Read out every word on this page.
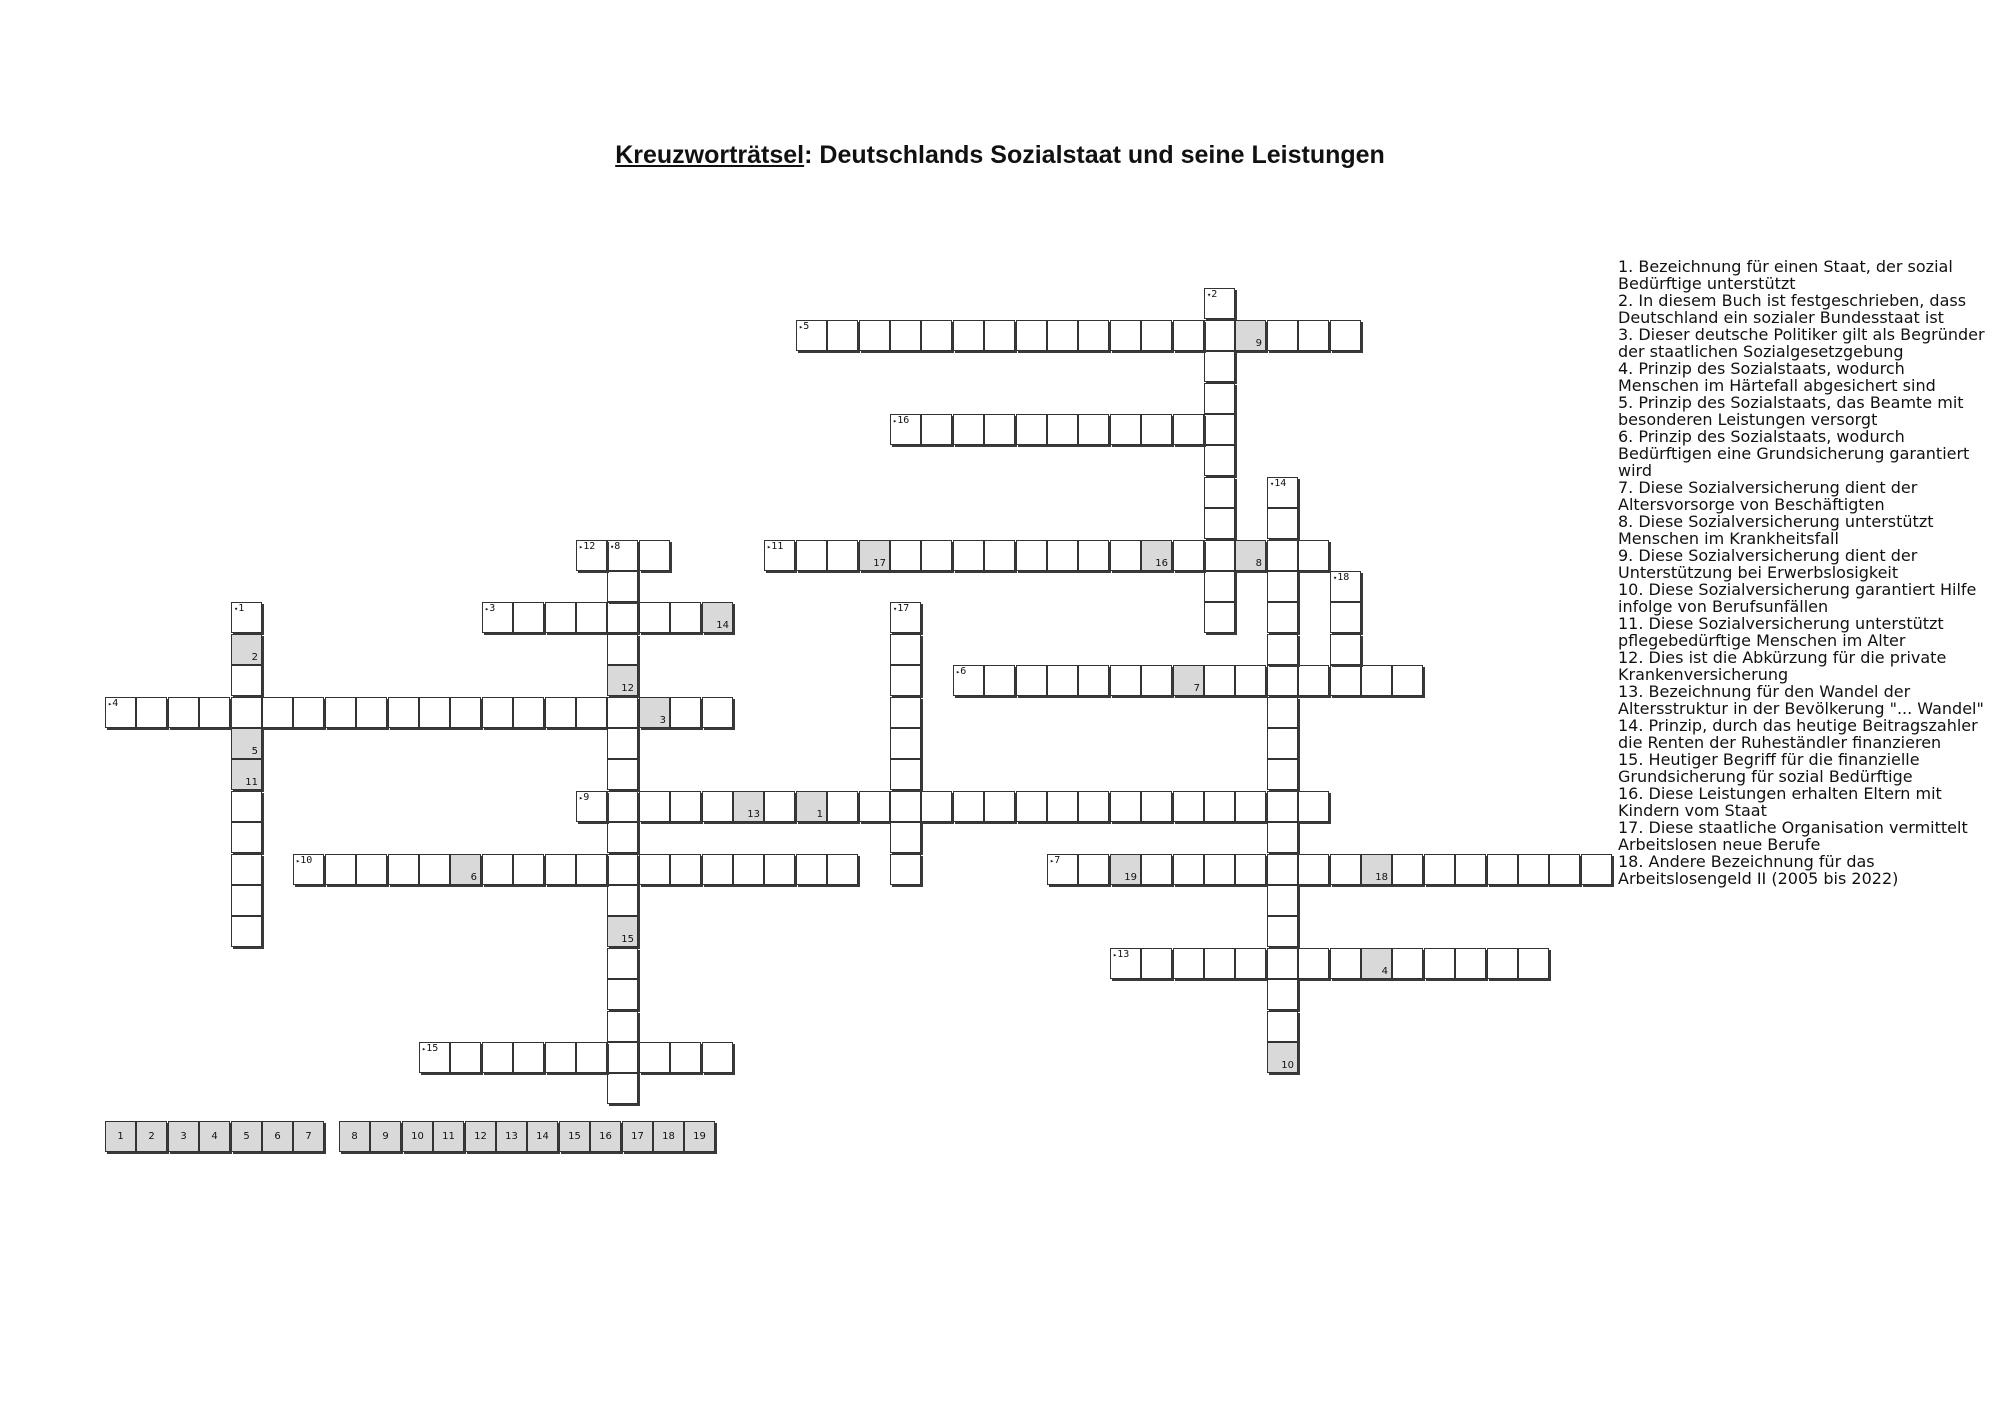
Kreuzworträtsel: Deutschlands Sozialstaat und seine Leistungen
▾1
2
5
11
▾2
▸3
14
▸4
3
▸5
9
▸6
7
▸7
19	18
▾8
12
15
▸9
13	1
▸10
6
▸11
17	16	8
▸12
▸13
4
▾14
10
▸15
▸16
▾17
▾18
1	2	3	4	5	6	7	8	9	10	11	12	13	14	15	16	17	18	19
1. Bezeichnung für einen Staat, der sozial Bedürftige unterstützt
2. In diesem Buch ist festgeschrieben, dass Deutschland ein sozialer Bundesstaat ist
3. Dieser deutsche Politiker gilt als Begründer der staatlichen Sozialgesetzgebung
4. Prinzip des Sozialstaats, wodurch Menschen im Härtefall abgesichert sind
5. Prinzip des Sozialstaats, das Beamte mit besonderen Leistungen versorgt
6. Prinzip des Sozialstaats, wodurch Bedürftigen eine Grundsicherung garantiert wird
7. Diese Sozialversicherung dient der Altersvorsorge von Beschäftigten
8. Diese Sozialversicherung unterstützt Menschen im Krankheitsfall
9. Diese Sozialversicherung dient der Unterstützung bei Erwerbslosigkeit
10. Diese Sozialversicherung garantiert Hilfe infolge von Berufsunfällen
11. Diese Sozialversicherung unterstützt pflegebedürftige Menschen im Alter
12. Dies ist die Abkürzung für die private Krankenversicherung
13. Bezeichnung für den Wandel der Altersstruktur in der Bevölkerung "... Wandel"
14. Prinzip, durch das heutige Beitragszahler die Renten der Ruheständler finanzieren
15. Heutiger Begriff für die finanzielle Grundsicherung für sozial Bedürftige
16. Diese Leistungen erhalten Eltern mit Kindern vom Staat
17. Diese staatliche Organisation vermittelt Arbeitslosen neue Berufe
18. Andere Bezeichnung für das Arbeitslosengeld II (2005 bis 2022)
